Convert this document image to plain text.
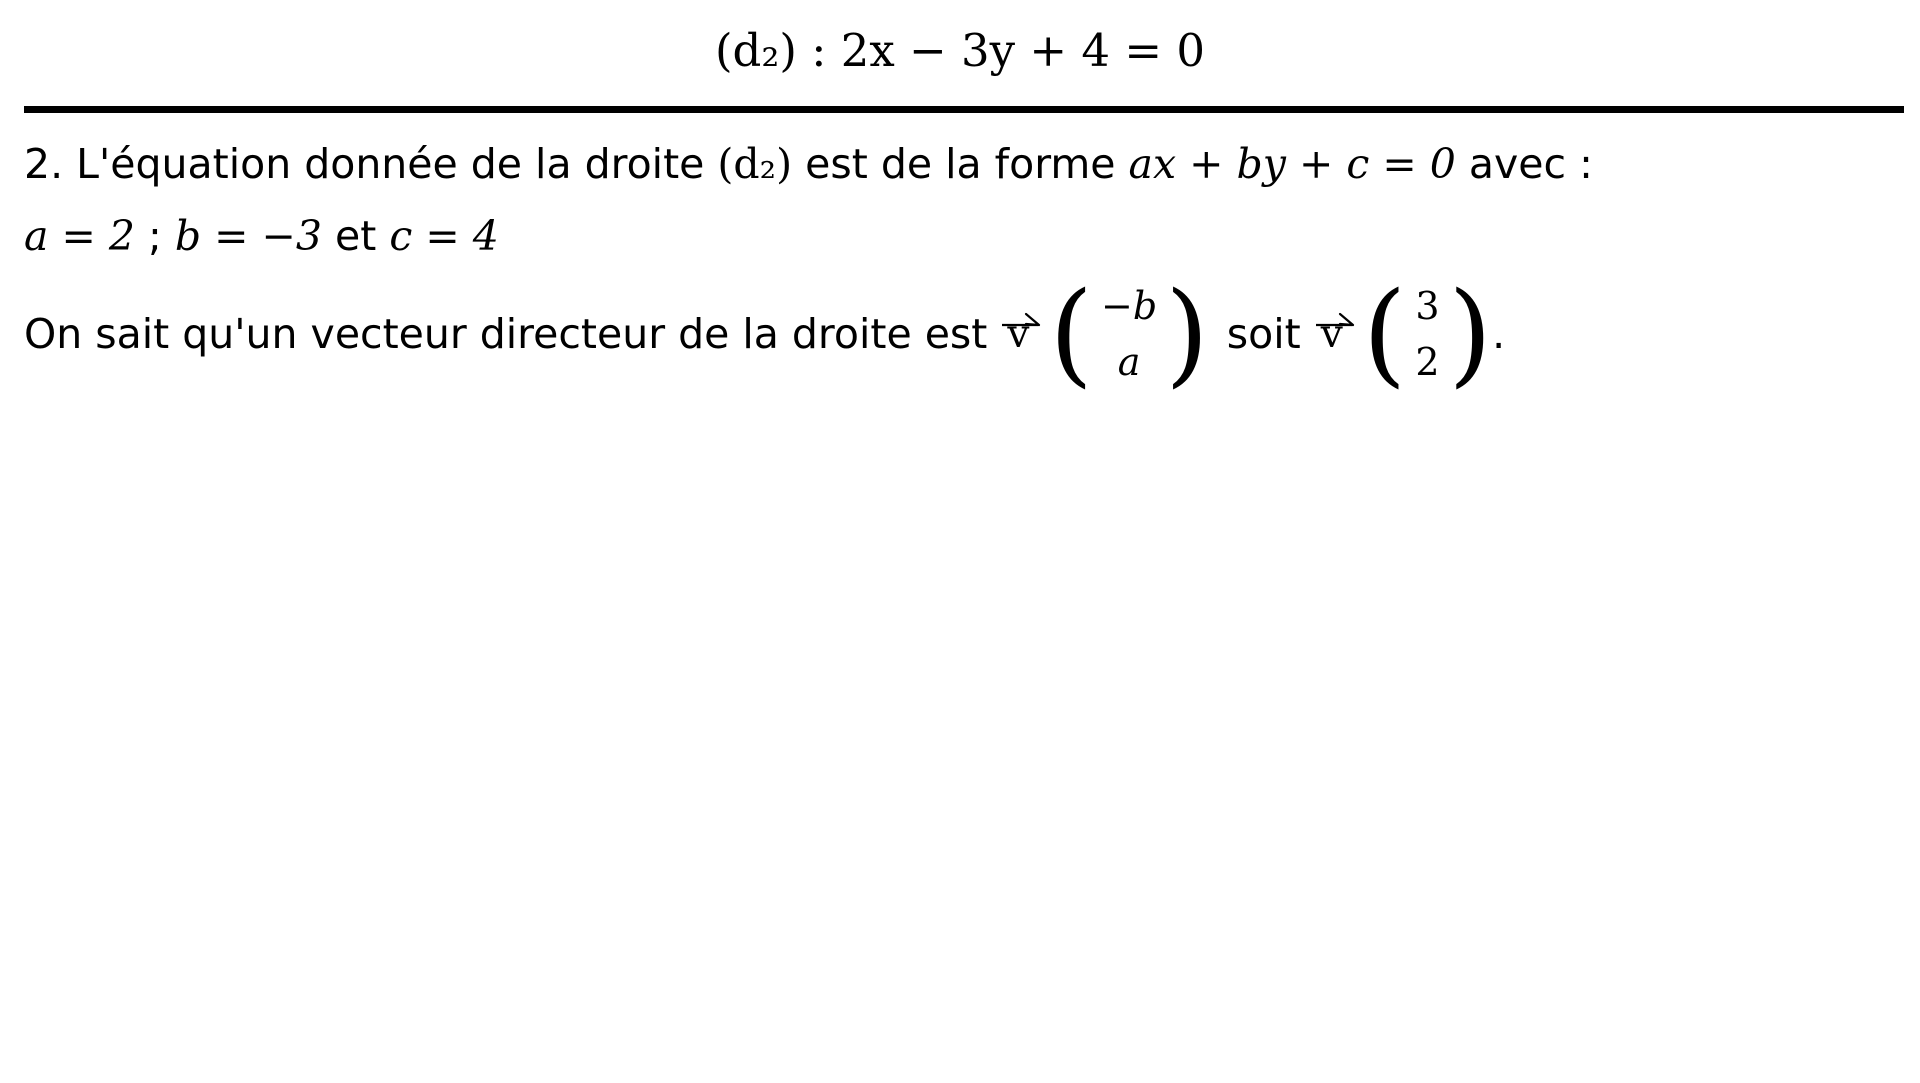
(d₂) : 2x − 3y + 4 = 0
2. L'équation donnée de la droite (d₂) est de la forme ax + by + c = 0 avec :
a = 2 ; b = −3 et c = 4
On sait qu'un vecteur directeur de la droite est v ( −b
a ) soit v ( 3
2 ) .
